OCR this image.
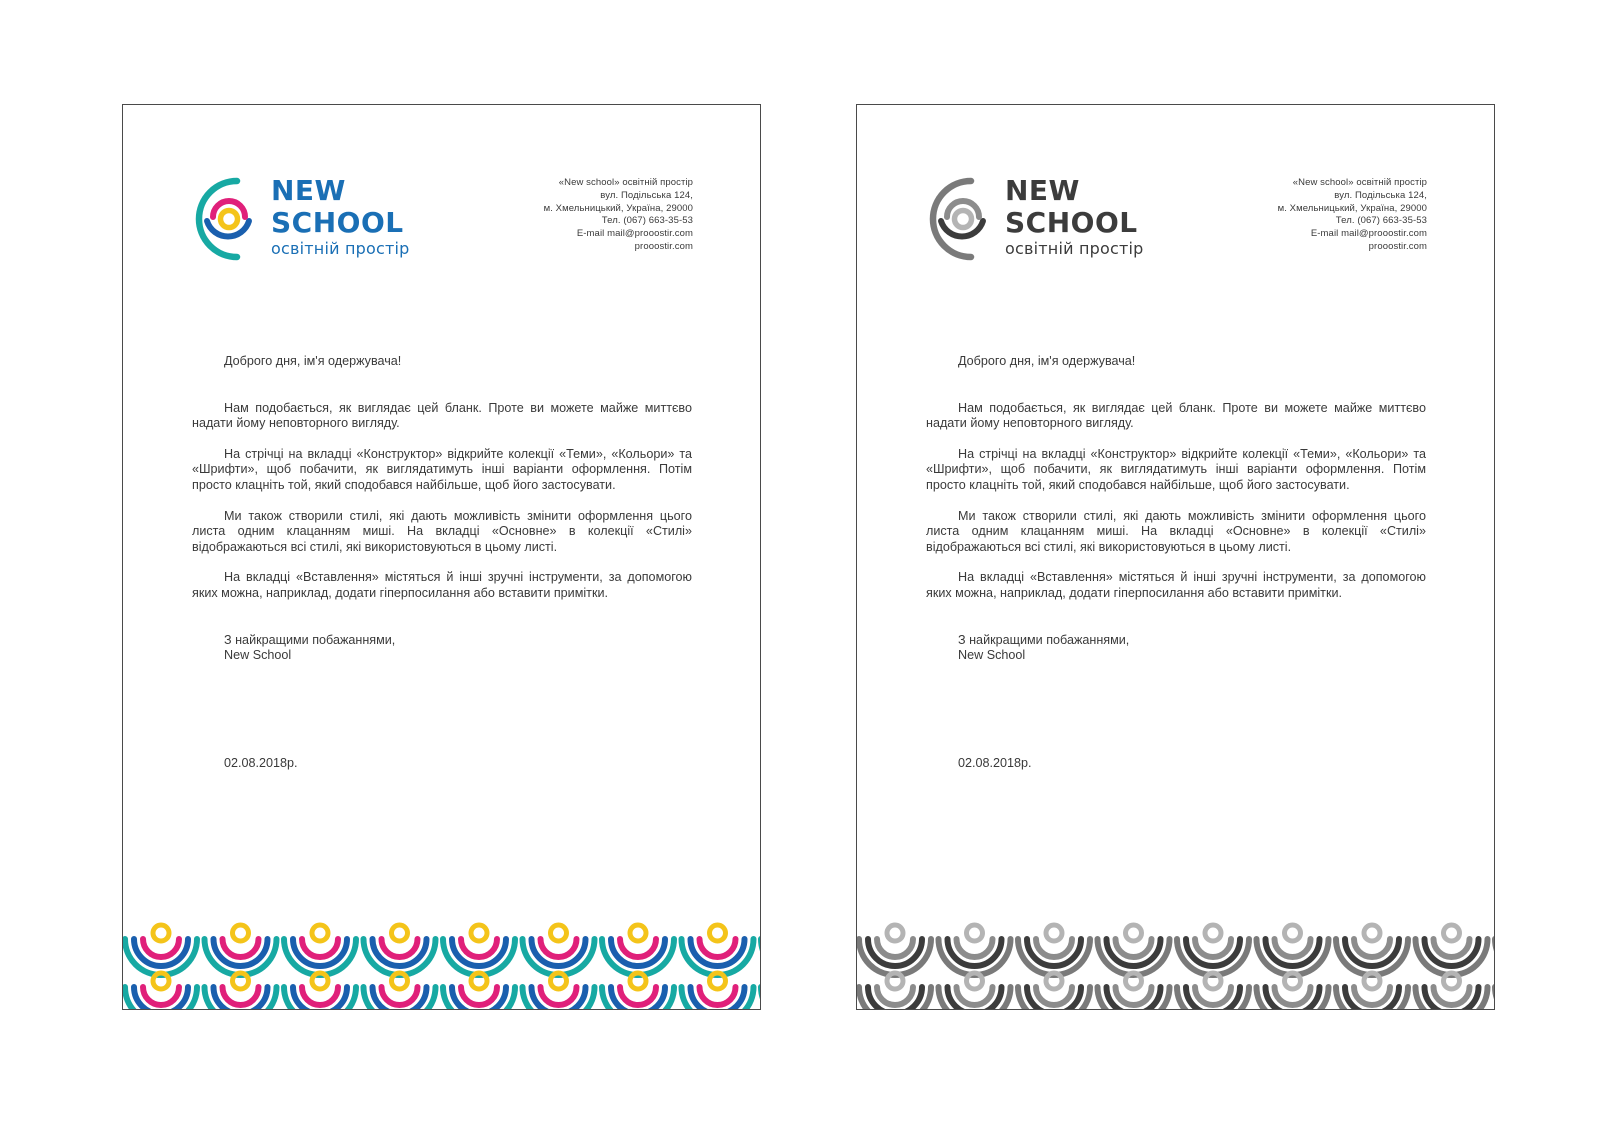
NEW
SCHOOL
освітній простір
«New school» освітній простір
вул. Подільська 124,
м. Хмельницький, Україна, 29000
Тел. (067) 663-35-53
E-mail mail@prooostir.com
prooostir.com
Доброго дня, ім'я одержувача!

Нам подобається, як виглядає цей бланк. Проте ви можете майже миттєво надати йому неповторного вигляду.

На стрічці на вкладці «Конструктор» відкрийте колекції «Теми», «Кольори» та «Шрифти», щоб побачити, як виглядатимуть інші варіанти оформлення. Потім просто клацніть той, який сподобався найбільше, щоб його застосувати.

Ми також створили стилі, які дають можливість змінити оформлення цього листа одним клацанням миші. На вкладці «Основне» в колекції «Стилі» відображаються всі стилі, які використовуються в цьому листі.

На вкладці «Вставлення» містяться й інші зручні інструменти, за допомогою яких можна, наприклад, додати гіперпосилання або вставити примітки.

З найкращими побажаннями,
New School
02.08.2018р.
NEW
SCHOOL
освітній простір
«New school» освітній простір
вул. Подільська 124,
м. Хмельницький, Україна, 29000
Тел. (067) 663-35-53
E-mail mail@prooostir.com
prooostir.com
Доброго дня, ім'я одержувача!

Нам подобається, як виглядає цей бланк. Проте ви можете майже миттєво надати йому неповторного вигляду.

На стрічці на вкладці «Конструктор» відкрийте колекції «Теми», «Кольори» та «Шрифти», щоб побачити, як виглядатимуть інші варіанти оформлення. Потім просто клацніть той, який сподобався найбільше, щоб його застосувати.

Ми також створили стилі, які дають можливість змінити оформлення цього листа одним клацанням миші. На вкладці «Основне» в колекції «Стилі» відображаються всі стилі, які використовуються в цьому листі.

На вкладці «Вставлення» містяться й інші зручні інструменти, за допомогою яких можна, наприклад, додати гіперпосилання або вставити примітки.

З найкращими побажаннями,
New School
02.08.2018р.
